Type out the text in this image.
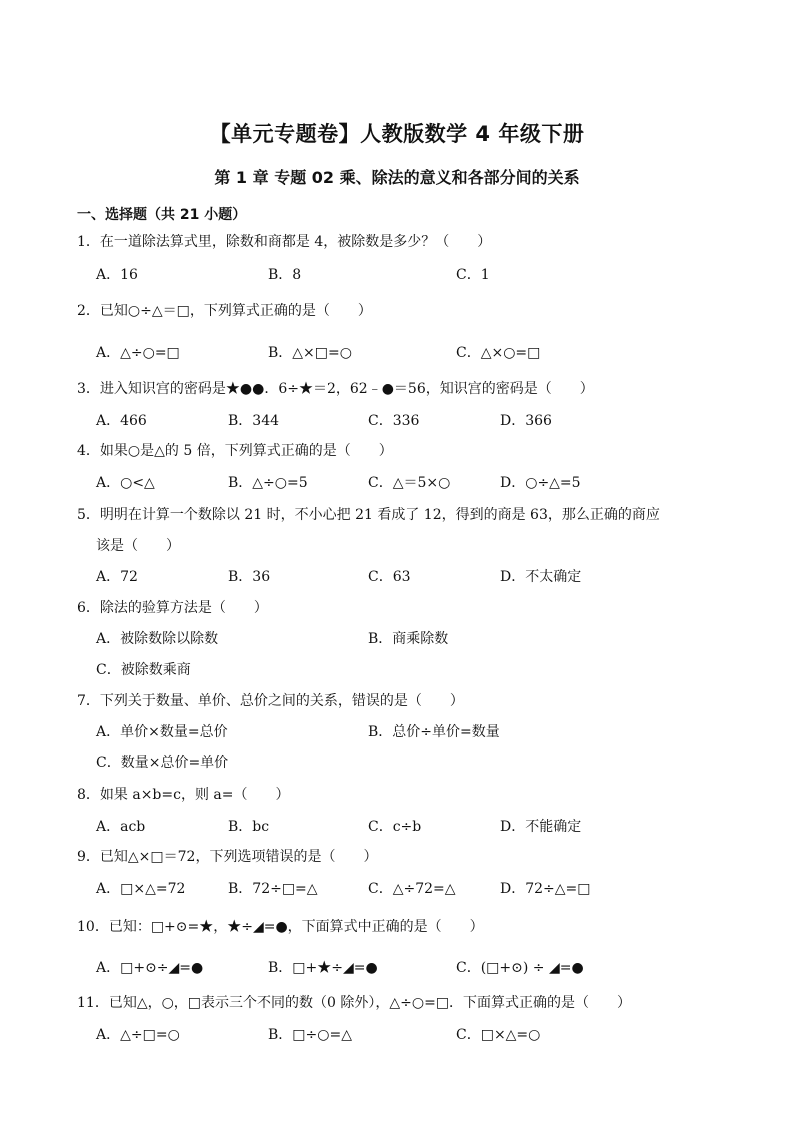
【单元专题卷】人教版数学 4 年级下册
第 1 章 专题 02 乘、除法的意义和各部分间的关系
一、选择题（共 21 小题）
1．在一道除法算式里，除数和商都是 4，被除数是多少？（　　）
A．16	B．8	C．1
2．已知○÷△＝□，下列算式正确的是（　　）
A．△÷○=□	B．△×□=○	C．△×○=□
3．进入知识宫的密码是★●●．6÷★＝2，62﹣●＝56，知识宫的密码是（　　）
A．466	B．344	C．336	D．366
4．如果○是△的 5 倍，下列算式正确的是（　　）
A．○<△	B．△÷○=5	C．△＝5×○	D．○÷△=5
5．明明在计算一个数除以 21 时，不小心把 21 看成了 12，得到的商是 63，那么正确的商应
该是（　　）
A．72	B．36	C．63	D．不太确定
6．除法的验算方法是（　　）
A．被除数除以除数	B．商乘除数
C．被除数乘商
7．下列关于数量、单价、总价之间的关系，错误的是（　　）
A．单价×数量=总价	B．总价÷单价=数量
C．数量×总价=单价
8．如果 a×b=c，则 a=（　　）
A．acb	B．bc	C．c÷b	D．不能确定
9．已知△×□＝72，下列选项错误的是（　　）
A．□×△=72	B．72÷□=△	C．△÷72=△	D．72÷△=□
10．已知：□+⊙=★，★÷◢=●，下面算式中正确的是（　　）
A．□+⊙÷◢=●	B．□+★÷◢=●	C．(□+⊙) ÷ ◢=●
11．已知△，○，□表示三个不同的数（0 除外），△÷○=□．下面算式正确的是（　　）
A．△÷□=○	B．□÷○=△	C．□×△=○
